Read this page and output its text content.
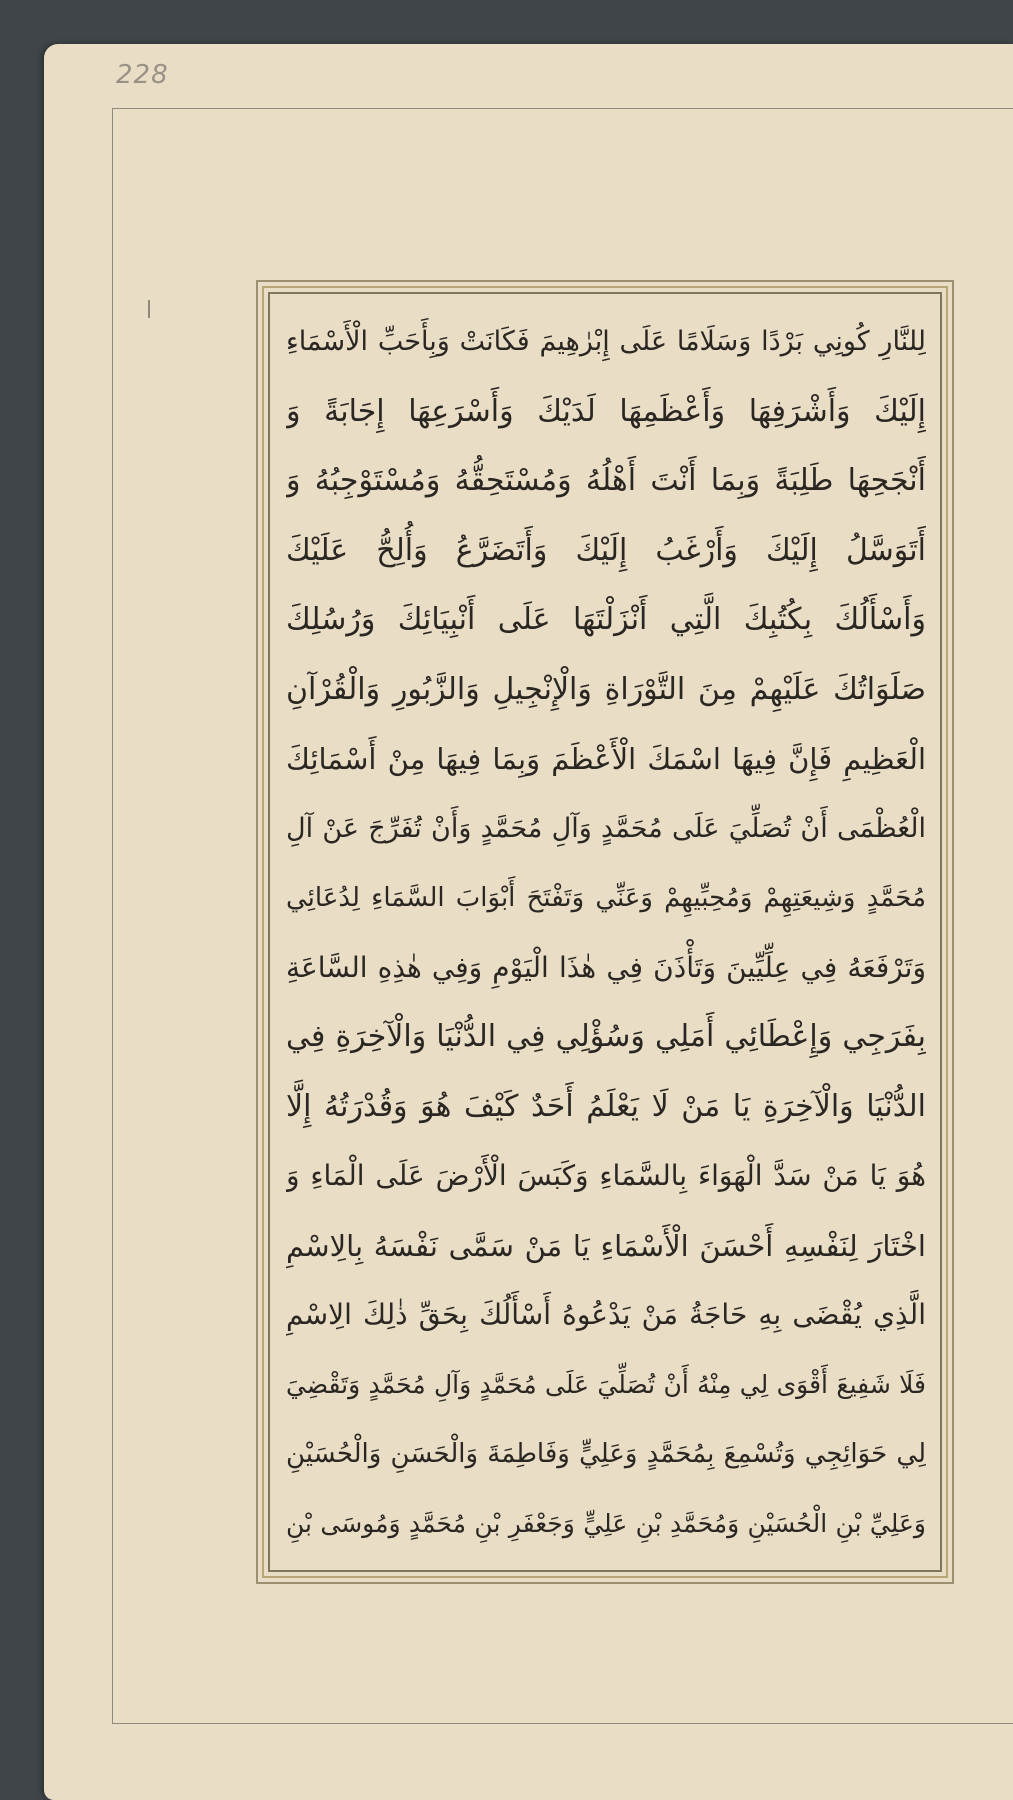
228
لِلنَّارِ كُونِي بَرْدًا وَسَلَامًا عَلَى إِبْرٰهِيمَ فَكَانَتْ وَبِأَحَبِّ الْأَسْمَاءِ
إِلَيْكَ وَأَشْرَفِهَا وَأَعْظَمِهَا لَدَيْكَ وَأَسْرَعِهَا إِجَابَةً وَ
أَنْجَحِهَا طَلِبَةً وَبِمَا أَنْتَ أَهْلُهُ وَمُسْتَحِقُّهُ وَمُسْتَوْجِبُهُ وَ
أَتَوَسَّلُ إِلَيْكَ وَأَرْغَبُ إِلَيْكَ وَأَتَضَرَّعُ وَأُلِحُّ عَلَيْكَ
وَأَسْأَلُكَ بِكُتُبِكَ الَّتِي أَنْزَلْتَهَا عَلَى أَنْبِيَائِكَ وَرُسُلِكَ
صَلَوَاتُكَ عَلَيْهِمْ مِنَ التَّوْرَاةِ وَالْإِنْجِيلِ وَالزَّبُورِ وَالْقُرْآنِ
الْعَظِيمِ فَإِنَّ فِيهَا اسْمَكَ الْأَعْظَمَ وَبِمَا فِيهَا مِنْ أَسْمَائِكَ
الْعُظْمَى أَنْ تُصَلِّيَ عَلَى مُحَمَّدٍ وَآلِ مُحَمَّدٍ وَأَنْ تُفَرِّجَ عَنْ آلِ
مُحَمَّدٍ وَشِيعَتِهِمْ وَمُحِبِّيهِمْ وَعَنِّي وَتَفْتَحَ أَبْوَابَ السَّمَاءِ لِدُعَائِي
وَتَرْفَعَهُ فِي عِلِّيِّينَ وَتَأْذَنَ فِي هٰذَا الْيَوْمِ وَفِي هٰذِهِ السَّاعَةِ
بِفَرَجِي وَإِعْطَائِي أَمَلِي وَسُؤْلِي فِي الدُّنْيَا وَالْآخِرَةِ فِي
الدُّنْيَا وَالْآخِرَةِ يَا مَنْ لَا يَعْلَمُ أَحَدٌ كَيْفَ هُوَ وَقُدْرَتُهُ إِلَّا
هُوَ يَا مَنْ سَدَّ الْهَوَاءَ بِالسَّمَاءِ وَكَبَسَ الْأَرْضَ عَلَى الْمَاءِ وَ
اخْتَارَ لِنَفْسِهِ أَحْسَنَ الْأَسْمَاءِ يَا مَنْ سَمَّى نَفْسَهُ بِالِاسْمِ
الَّذِي يُقْضَى بِهِ حَاجَةُ مَنْ يَدْعُوهُ أَسْأَلُكَ بِحَقِّ ذٰلِكَ الِاسْمِ
فَلَا شَفِيعَ أَقْوَى لِي مِنْهُ أَنْ تُصَلِّيَ عَلَى مُحَمَّدٍ وَآلِ مُحَمَّدٍ وَتَقْضِيَ
لِي حَوَائِجِي وَتُسْمِعَ بِمُحَمَّدٍ وَعَلِيٍّ وَفَاطِمَةَ وَالْحَسَنِ وَالْحُسَيْنِ
وَعَلِيِّ بْنِ الْحُسَيْنِ وَمُحَمَّدِ بْنِ عَلِيٍّ وَجَعْفَرِ بْنِ مُحَمَّدٍ وَمُوسَى بْنِ
